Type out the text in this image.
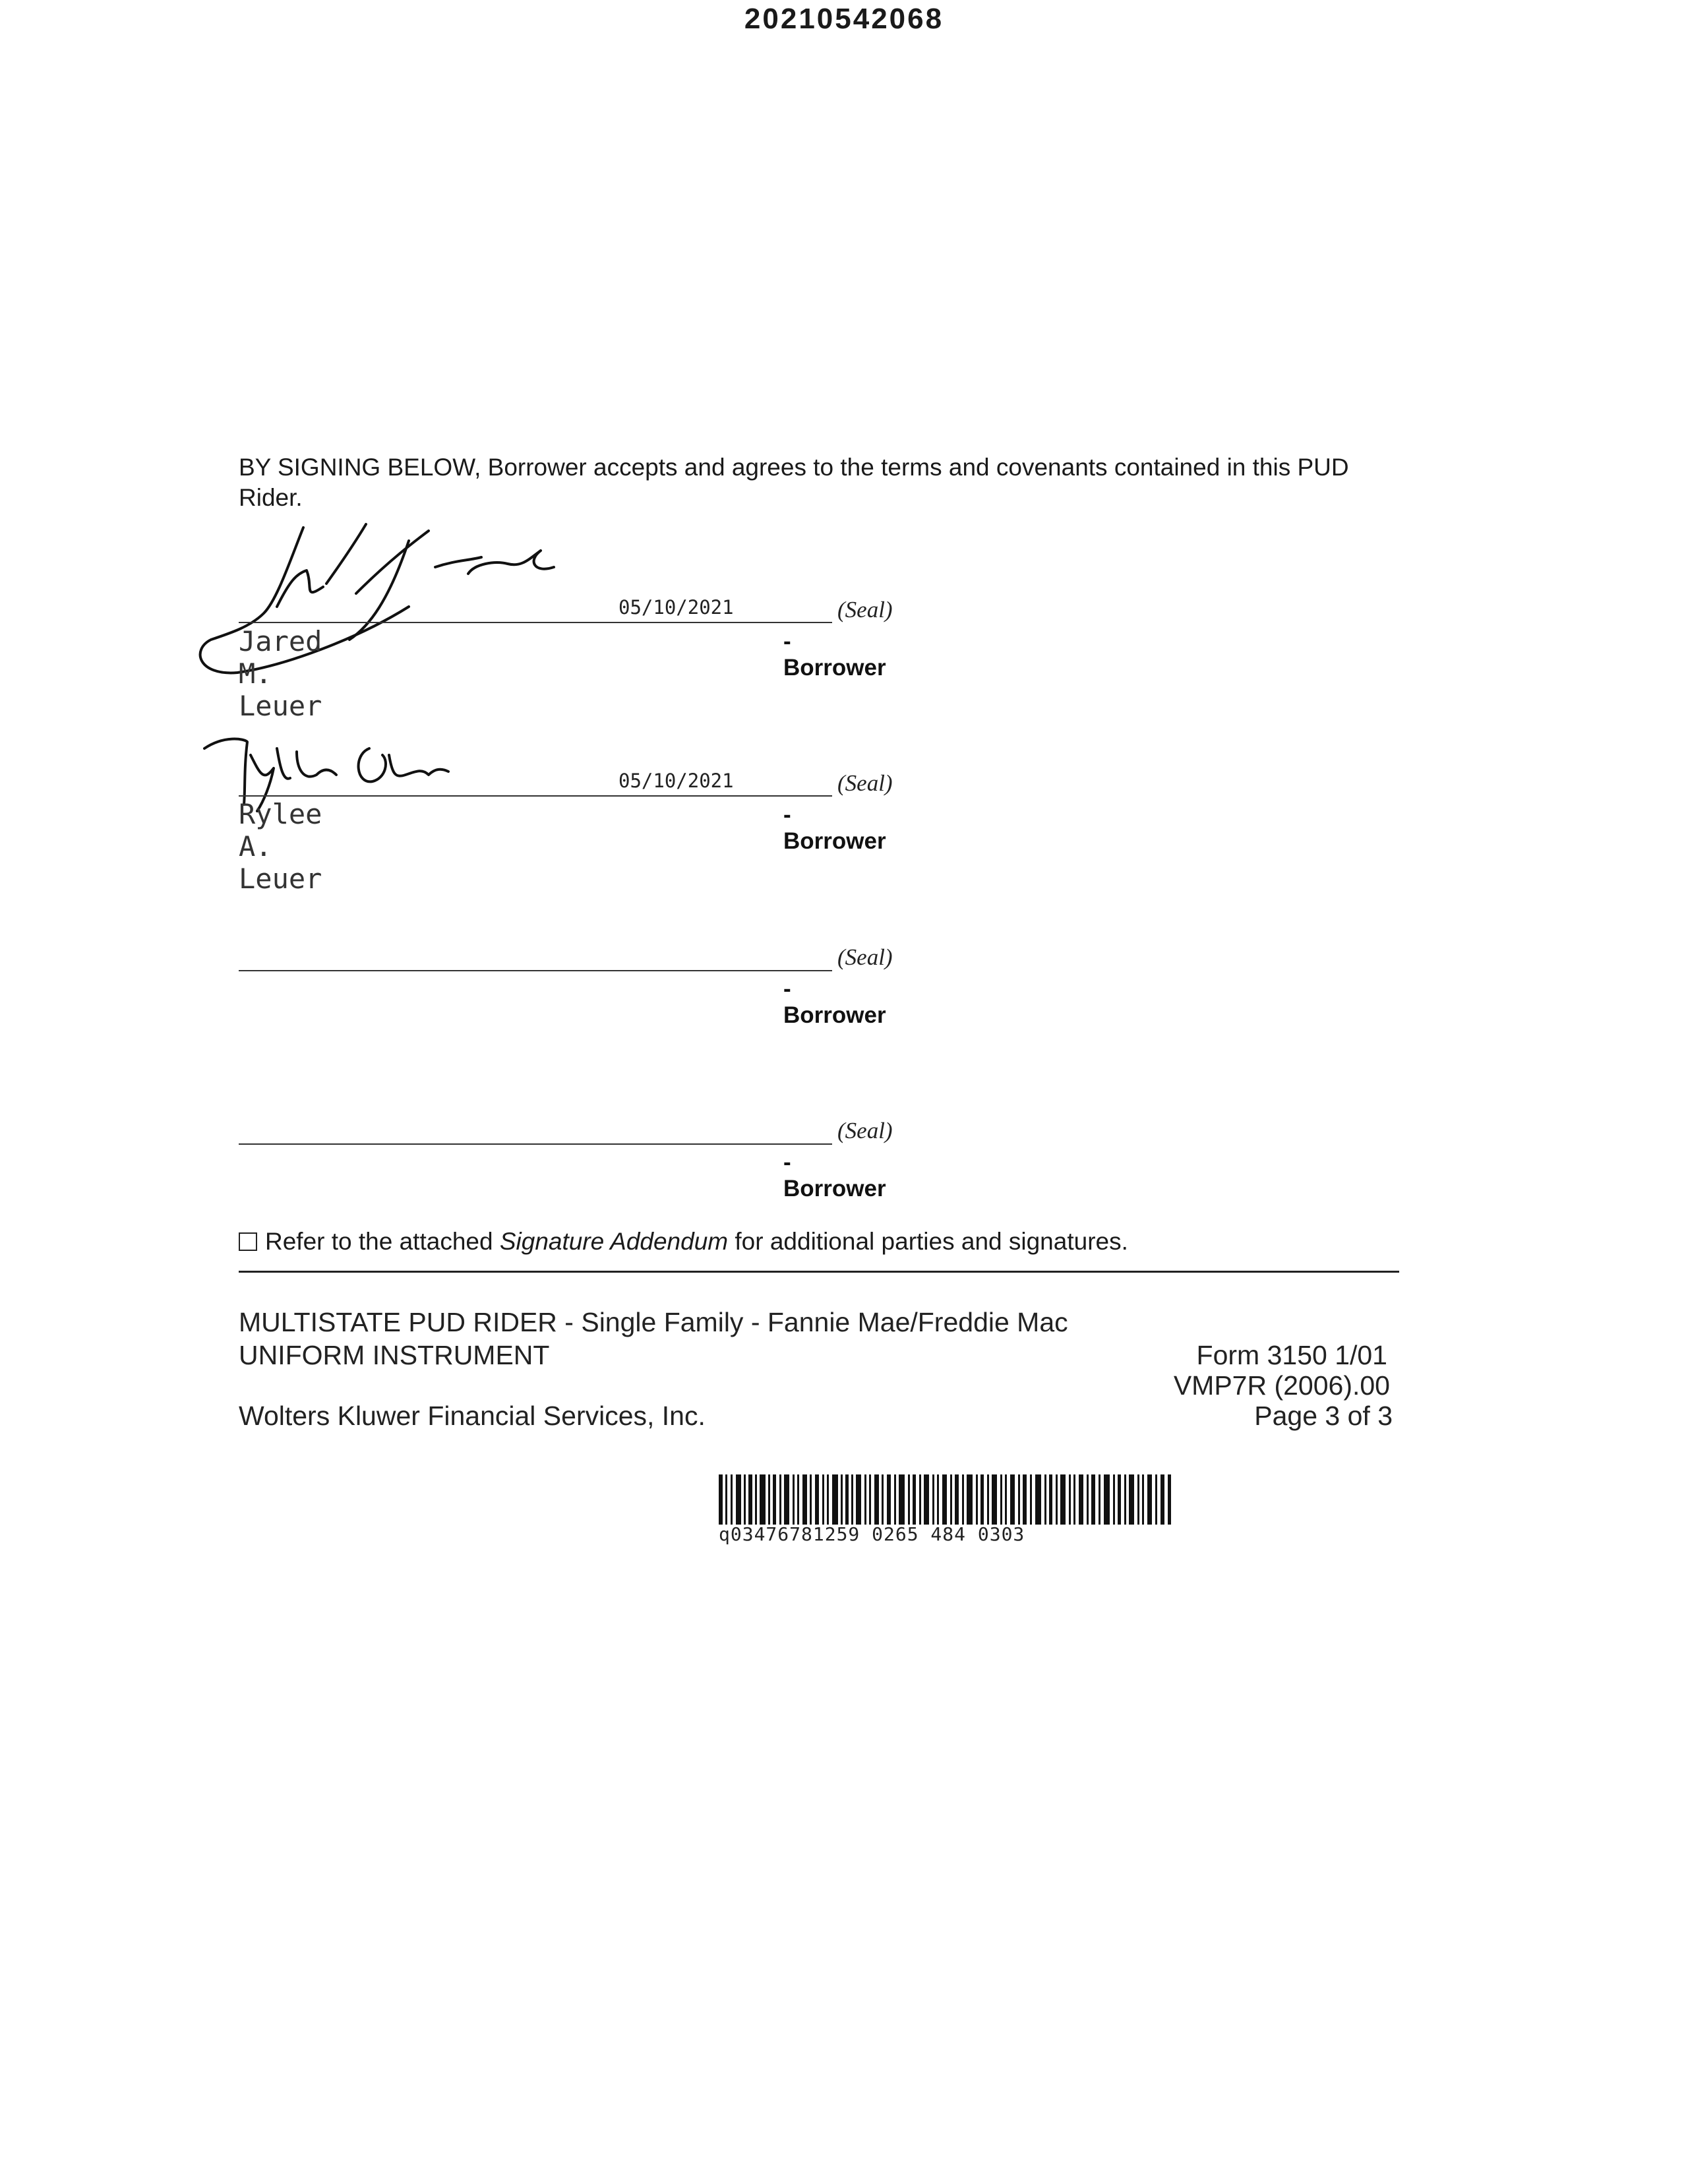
20210542068
BY SIGNING BELOW, Borrower accepts and agrees to the terms and covenants contained in this PUD Rider.
05/10/2021	(Seal)
Jared M. Leuer
-Borrower
05/10/2021	(Seal)
Rylee A. Leuer
-Borrower
(Seal)
-Borrower
(Seal)
-Borrower
Refer to the attached Signature Addendum for additional parties and signatures.
MULTISTATE PUD RIDER - Single Family - Fannie Mae/Freddie Mac
UNIFORM INSTRUMENT	Form 3150 1/01
VMP7R (2006).00
Wolters Kluwer Financial Services, Inc.	Page 3 of 3
q03476781259 0265 484 0303
